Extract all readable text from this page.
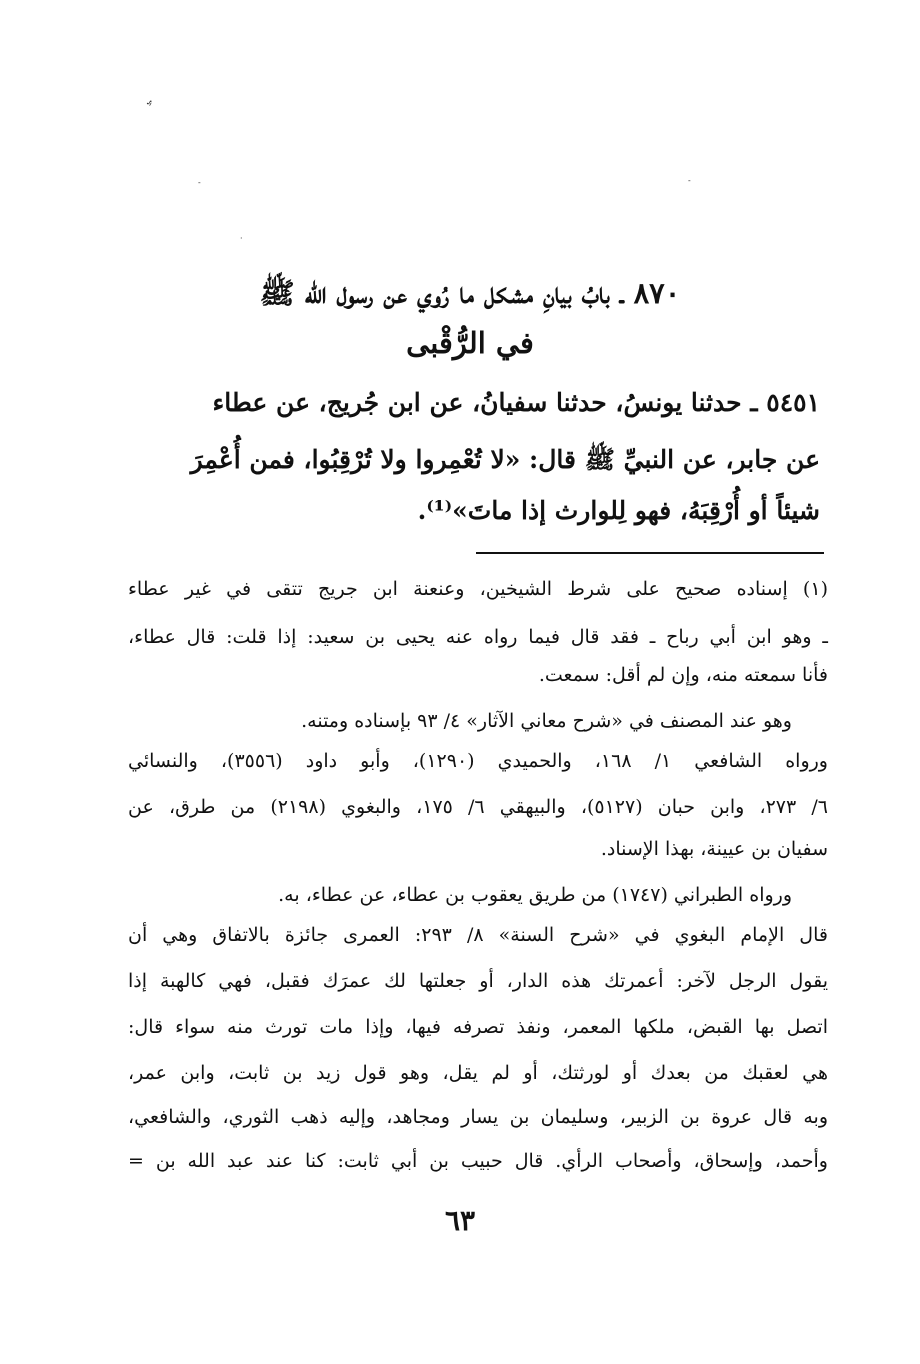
·⸗·
-	-
·
٨٧٠ ـ بابُ بيانِ مشكل ما رُوي عن رسول الله ﷺ
في الرُّقْبى
٥٤٥١ ـ حدثنا يونسُ، حدثنا سفيانُ، عن ابن جُريج، عن عطاء
عن جابر، عن النبيِّ ﷺ قال: «لا تُعْمِروا ولا تُرْقِبُوا، فمن أُعْمِرَ
شيئاً أو أُرْقِبَهُ، فهو لِلوارث إذا ماتَ»⁽¹⁾.
(١) إسناده صحيح على شرط الشيخين، وعنعنة ابن جريج تتقى في غير عطاء
ـ وهو ابن أبي رباح ـ فقد قال فيما رواه عنه يحيى بن سعيد: إذا قلت: قال عطاء،
فأنا سمعته منه، وإن لم أقل: سمعت.
وهو عند المصنف في «شرح معاني الآثار» ٤/ ٩٣ بإسناده ومتنه.
ورواه الشافعي ١/ ١٦٨، والحميدي (١٢٩٠)، وأبو داود (٣٥٥٦)، والنسائي
٦/ ٢٧٣، وابن حبان (٥١٢٧)، والبيهقي ٦/ ١٧٥، والبغوي (٢١٩٨) من طرق، عن
سفيان بن عيينة، بهذا الإسناد.
ورواه الطبراني (١٧٤٧) من طريق يعقوب بن عطاء، عن عطاء، به.
قال الإمام البغوي في «شرح السنة» ٨/ ٢٩٣: العمرى جائزة بالاتفاق وهي أن
يقول الرجل لآخر: أعمرتك هذه الدار، أو جعلتها لك عمرَك فقبل، فهي كالهبة إذا
اتصل بها القبض، ملكها المعمر، ونفذ تصرفه فيها، وإذا مات تورث منه سواء قال:
هي لعقبك من بعدك أو لورثتك، أو لم يقل، وهو قول زيد بن ثابت، وابن عمر،
وبه قال عروة بن الزبير، وسليمان بن يسار ومجاهد، وإليه ذهب الثوري، والشافعي،
وأحمد، وإسحاق، وأصحاب الرأي. قال حبيب بن أبي ثابت: كنا عند عبد الله بن =
٦٣
